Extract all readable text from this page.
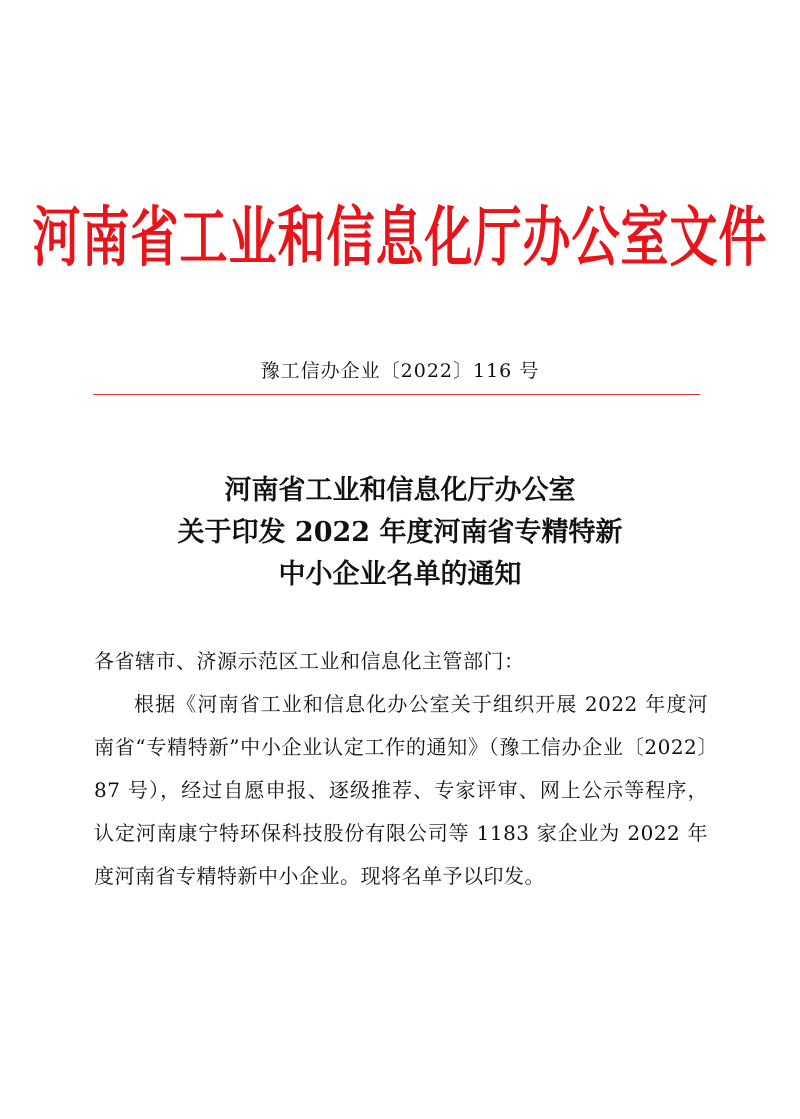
河南省工业和信息化厅办公室文件
豫工信办企业〔2022〕116 号
河南省工业和信息化厅办公室
关于印发 2022 年度河南省专精特新
中小企业名单的通知

各省辖市、济源示范区工业和信息化主管部门：

根据《河南省工业和信息化办公室关于组织开展 2022 年度河南省“专精特新”中小企业认定工作的通知》（豫工信办企业〔2022〕87 号），经过自愿申报、逐级推荐、专家评审、网上公示等程序，认定河南康宁特环保科技股份有限公司等 1183 家企业为 2022 年度河南省专精特新中小企业。现将名单予以印发。
